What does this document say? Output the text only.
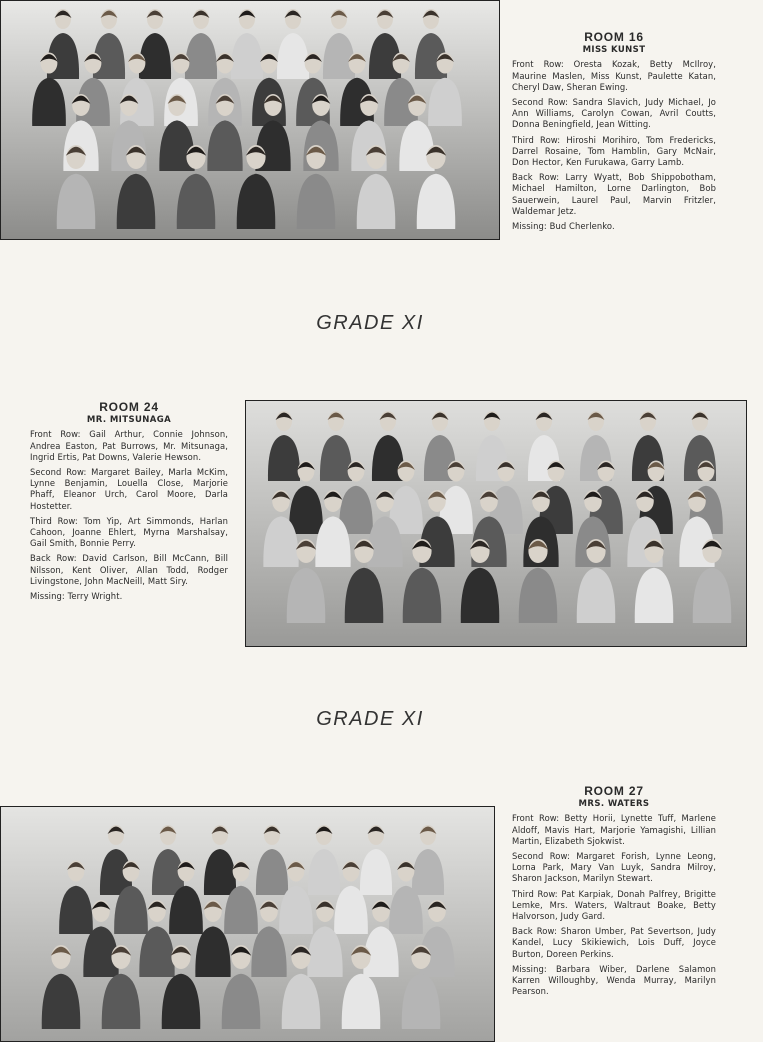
ROOM 16
MISS KUNST

Front Row: Oresta Kozak, Betty McIlroy, Maurine Maslen, Miss Kunst, Paulette Katan, Cheryl Daw, Sheran Ewing.

Second Row: Sandra Slavich, Judy Michael, Jo Ann Williams, Carolyn Cowan, Avril Coutts, Donna Beningfield, Jean Witting.

Third Row: Hiroshi Morihiro, Tom Fredericks, Darrel Rosaine, Tom Hamblin, Gary McNair, Don Hector, Ken Furukawa, Garry Lamb.

Back Row: Larry Wyatt, Bob Shippobotham, Michael Hamilton, Lorne Darlington, Bob Sauerwein, Laurel Paul, Marvin Fritzler, Waldemar Jetz.

Missing: Bud Cherlenko.

GRADE XI
ROOM 24
MR. MITSUNAGA

Front Row: Gail Arthur, Connie Johnson, Andrea Easton, Pat Burrows, Mr. Mitsunaga, Ingrid Ertis, Pat Downs, Valerie Hewson.

Second Row: Margaret Bailey, Marla McKim, Lynne Benjamin, Louella Close, Marjorie Phaff, Eleanor Urch, Carol Moore, Darla Hostetter.

Third Row: Tom Yip, Art Simmonds, Harlan Cahoon, Joanne Ehlert, Myrna Marshalsay, Gail Smith, Bonnie Perry.

Back Row: David Carlson, Bill McCann, Bill Nilsson, Kent Oliver, Allan Todd, Rodger Livingstone, John MacNeill, Matt Siry.

Missing: Terry Wright.

GRADE XI
ROOM 27
MRS. WATERS

Front Row: Betty Horii, Lynette Tuff, Marlene Aldoff, Mavis Hart, Marjorie Yamagishi, Lillian Martin, Elizabeth Sjokwist.

Second Row: Margaret Forish, Lynne Leong, Lorna Park, Mary Van Luyk, Sandra Milroy, Sharon Jackson, Marilyn Stewart.

Third Row: Pat Karpiak, Donah Palfrey, Brigitte Lemke, Mrs. Waters, Waltraut Boake, Betty Halvorson, Judy Gard.

Back Row: Sharon Umber, Pat Severtson, Judy Kandel, Lucy Skikiewich, Lois Duff, Joyce Burton, Doreen Perkins.

Missing: Barbara Wiber, Darlene Salamon Karren Willoughby, Wenda Murray, Marilyn Pearson.
